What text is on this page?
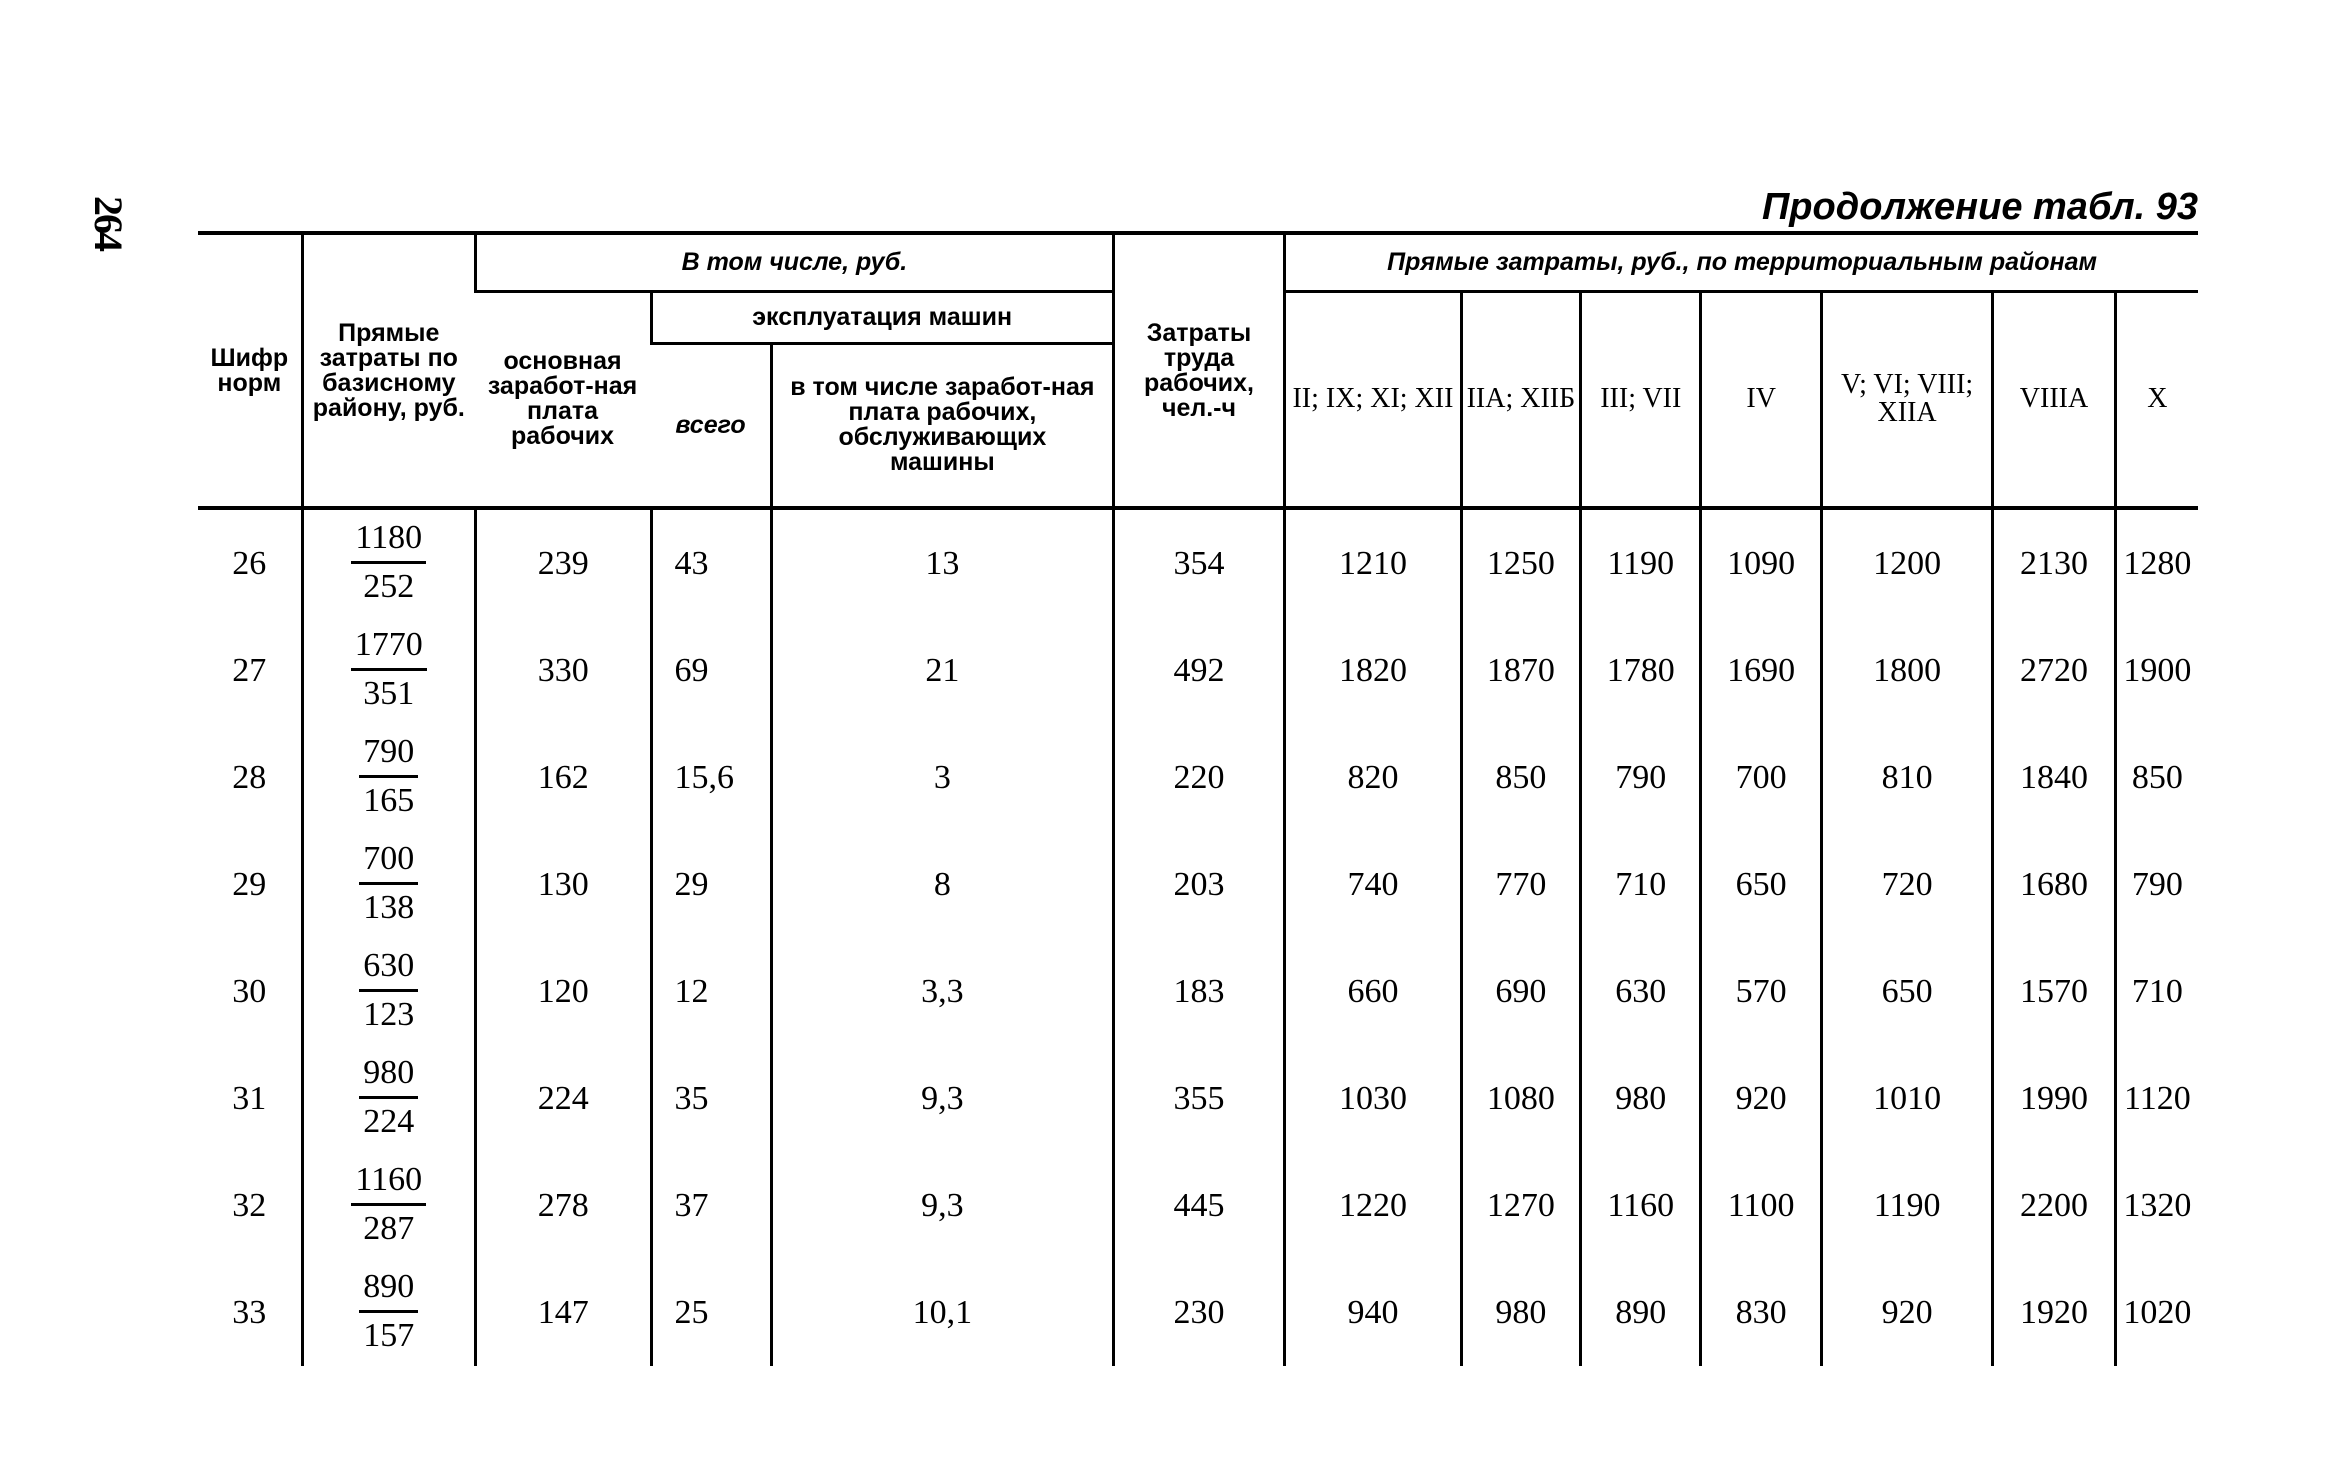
264	Продолжение табл. 93
Шифр норм	Прямые затраты по базисному району, руб.	В том числе, руб.			Затраты труда рабочих, чел.-ч	Прямые затраты, руб., по территориальным районам						
		основная заработ-ная плата рабочих	эксплуатация машин			II; IX; XI; XII	IIA; XIIБ	III; VII	IV	V; VI; VIII; XIIA	VIIIA	X
			всего	в том числе заработ-ная плата рабочих, обслуживающих машины								
26	$\frac{1180}{252}$	239	43	13	354	1210	1250	1190	1090	1200	2130	1280
27	$\frac{1770}{351}$	330	69	21	492	1820	1870	1780	1690	1800	2720	1900
28	$\frac{790}{165}$	162	15,6	3	220	820	850	790	700	810	1840	850
29	$\frac{700}{138}$	130	29	8	203	740	770	710	650	720	1680	790
30	$\frac{630}{123}$	120	12	3,3	183	660	690	630	570	650	1570	710
31	$\frac{980}{224}$	224	35	9,3	355	1030	1080	980	920	1010	1990	1120
32	$\frac{1160}{287}$	278	37	9,3	445	1220	1270	1160	1100	1190	2200	1320
33	$\frac{890}{157}$	147	25	10,1	230	940	980	890	830	920	1920	1020
